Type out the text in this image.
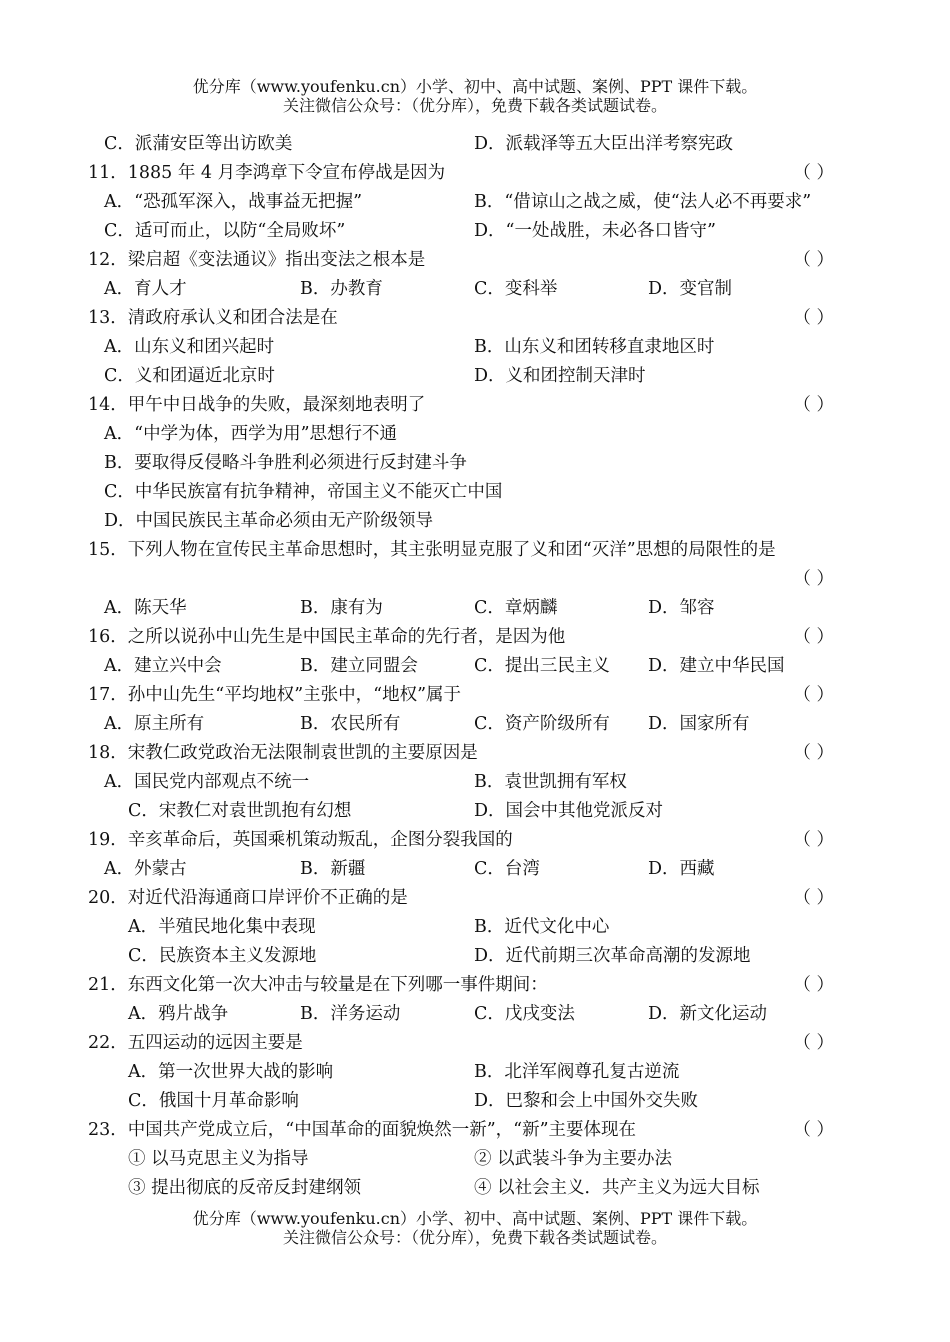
优分库（www.youfenku.cn）小学、初中、高中试题、案例、PPT 课件下载。
关注微信公众号：（优分库），免费下载各类试题试卷。
C．派蒲安臣等出访欧美	D．派载泽等五大臣出洋考察宪政
11．1885 年 4 月李鸿章下令宣布停战是因为	（ ）
A．“恐孤军深入，战事益无把握”	B．“借谅山之战之威，使“法人必不再要求”
C．适可而止，以防“全局败坏”	D．“一处战胜，未必各口皆守”
12．梁启超《变法通议》指出变法之根本是	（ ）
A．育人才	B．办教育	C．变科举	D．变官制
13．清政府承认义和团合法是在	（ ）
A．山东义和团兴起时	B．山东义和团转移直隶地区时
C．义和团逼近北京时	D．义和团控制天津时
14．甲午中日战争的失败，最深刻地表明了	（ ）
A．“中学为体，西学为用”思想行不通
B．要取得反侵略斗争胜利必须进行反封建斗争
C．中华民族富有抗争精神，帝国主义不能灭亡中国
D．中国民族民主革命必须由无产阶级领导
15．下列人物在宣传民主革命思想时，其主张明显克服了义和团“灭洋”思想的局限性的是
（ ）
A．陈天华	B．康有为	C．章炳麟	D．邹容
16．之所以说孙中山先生是中国民主革命的先行者，是因为他	（ ）
A．建立兴中会	B．建立同盟会	C．提出三民主义 D．建立中华民国
17．孙中山先生“平均地权”主张中，“地权”属于	（ ）
A．原主所有	B．农民所有	C．资产阶级所有 D．国家所有
18．宋教仁政党政治无法限制袁世凯的主要原因是	（ ）
A．国民党内部观点不统一	B．袁世凯拥有军权
C．宋教仁对袁世凯抱有幻想	D．国会中其他党派反对
19．辛亥革命后，英国乘机策动叛乱，企图分裂我国的	（ ）
A．外蒙古	B．新疆	C．台湾	D．西藏
20．对近代沿海通商口岸评价不正确的是	（ ）
A．半殖民地化集中表现	B．近代文化中心
C．民族资本主义发源地	D．近代前期三次革命高潮的发源地
21．东西文化第一次大冲击与较量是在下列哪一事件期间：	（ ）
A．鸦片战争	B．洋务运动	C．戊戌变法	D．新文化运动
22．五四运动的远因主要是	（ ）
A．第一次世界大战的影响	B．北洋军阀尊孔复古逆流
C．俄国十月革命影响	D．巴黎和会上中国外交失败
23．中国共产党成立后，“中国革命的面貌焕然一新”，“新”主要体现在	（ ）
① 以马克思主义为指导	② 以武装斗争为主要办法
③ 提出彻底的反帝反封建纲领	④ 以社会主义．共产主义为远大目标
优分库（www.youfenku.cn）小学、初中、高中试题、案例、PPT 课件下载。
关注微信公众号：（优分库），免费下载各类试题试卷。
